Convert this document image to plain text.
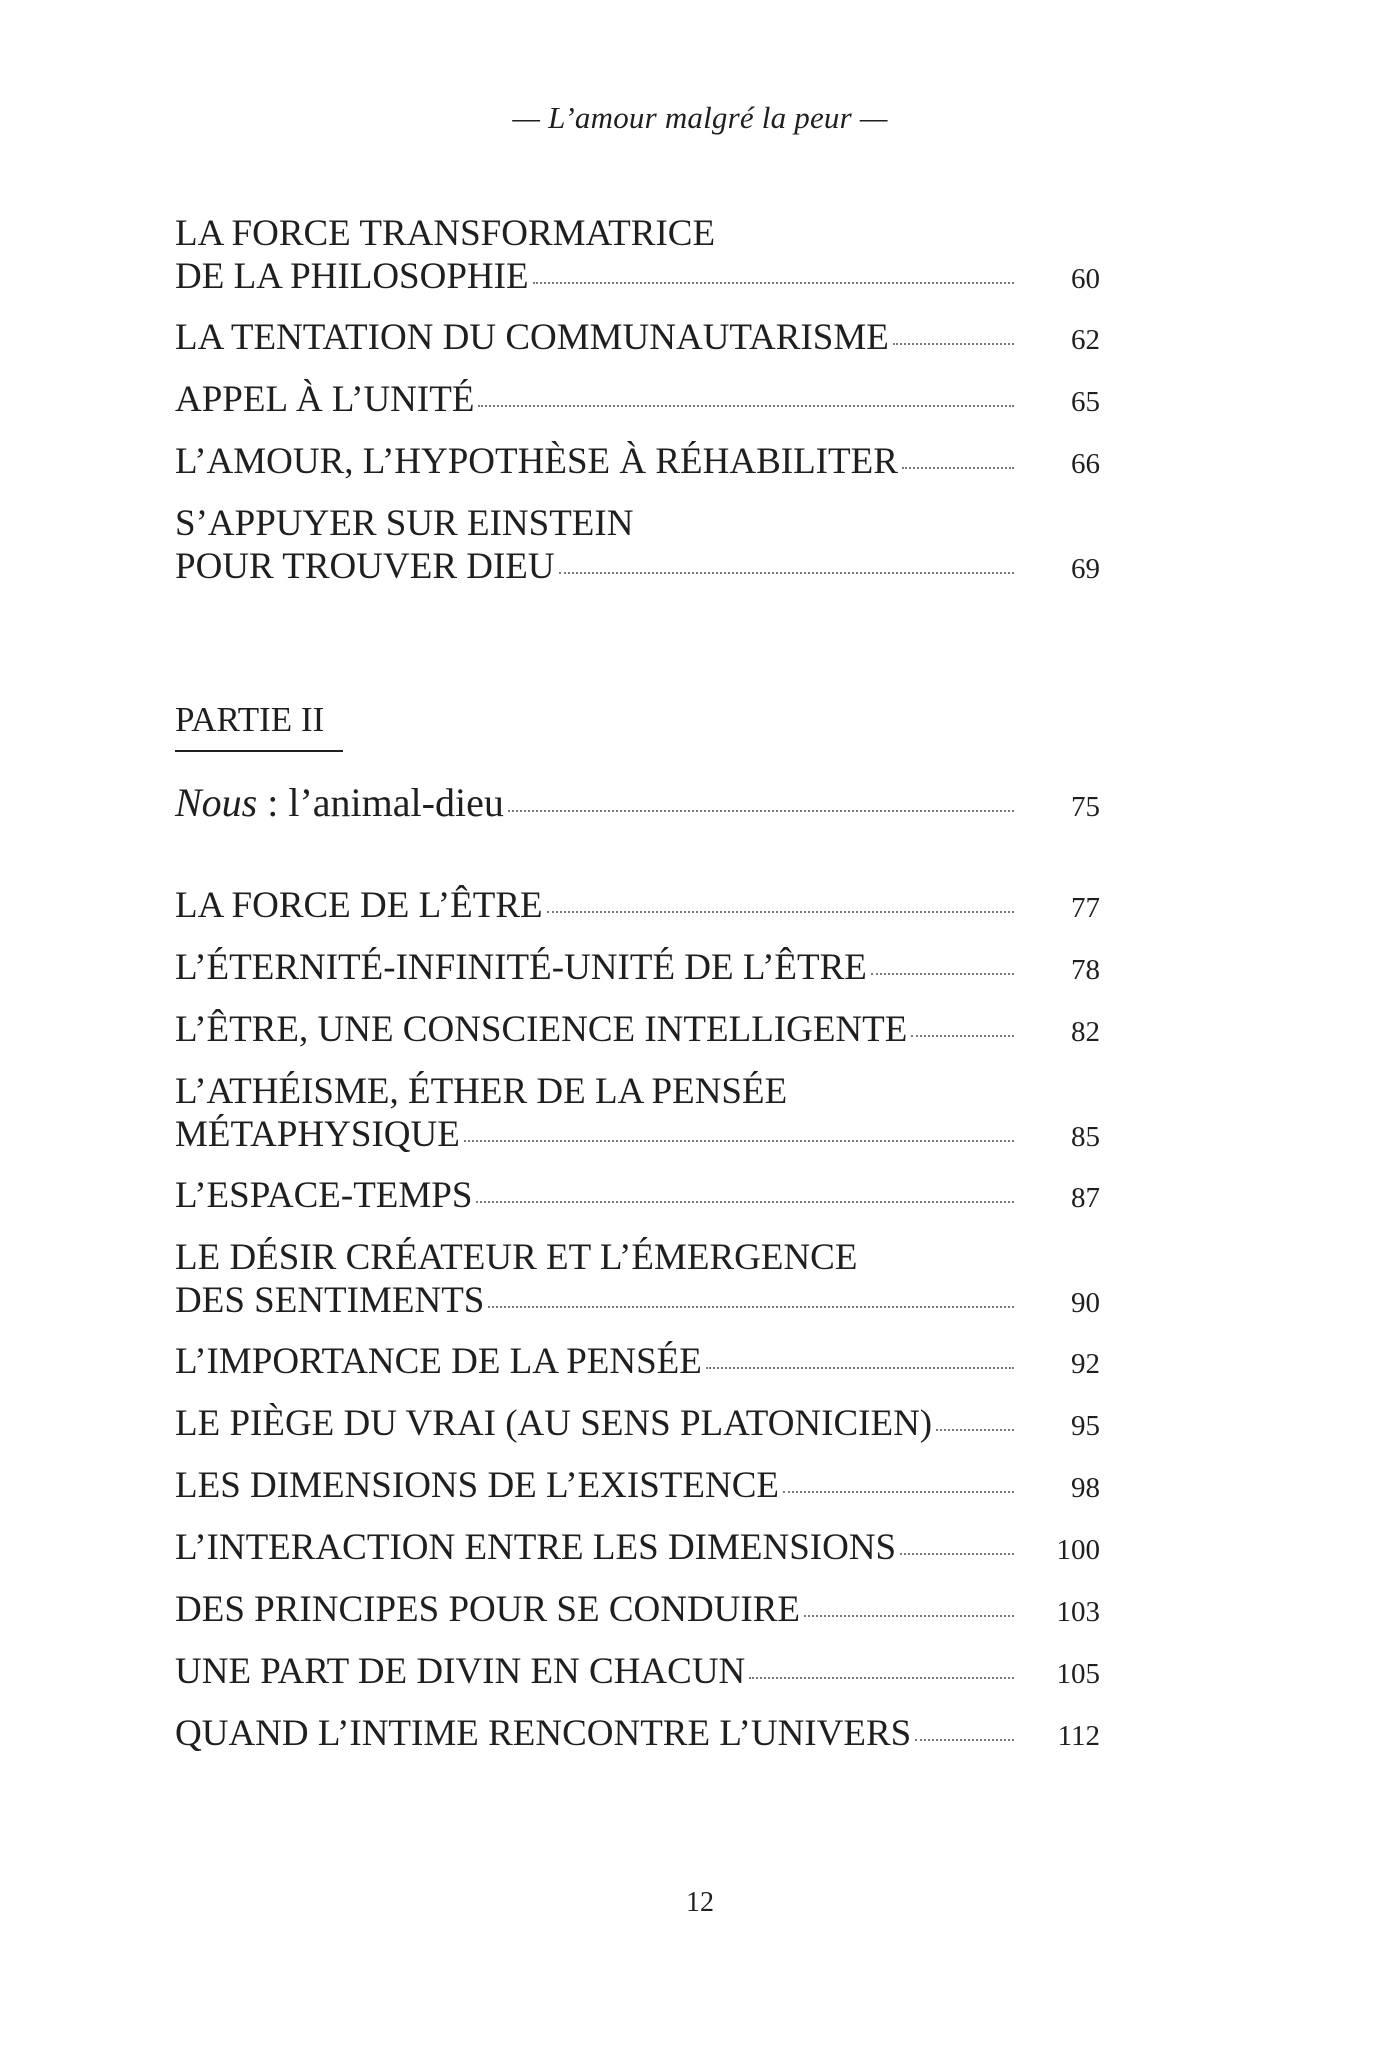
— L’amour malgré la peur —
LA FORCE TRANSFORMATRICE
DE LA PHILOSOPHIE	60
LA TENTATION DU COMMUNAUTARISME	62
APPEL À L’UNITÉ	65
L’AMOUR, L’HYPOTHÈSE À RÉHABILITER	66
S’APPUYER SUR EINSTEIN
POUR TROUVER DIEU	69
PARTIE II
Nous : l’animal-dieu	75
LA FORCE DE L’ÊTRE	77
L’ÉTERNITÉ-INFINITÉ-UNITÉ DE L’ÊTRE	78
L’ÊTRE, UNE CONSCIENCE INTELLIGENTE	82
L’ATHÉISME, ÉTHER DE LA PENSÉE
MÉTAPHYSIQUE	85
L’ESPACE-TEMPS	87
LE DÉSIR CRÉATEUR ET L’ÉMERGENCE
DES SENTIMENTS	90
L’IMPORTANCE DE LA PENSÉE	92
LE PIÈGE DU VRAI (AU SENS PLATONICIEN)	95
LES DIMENSIONS DE L’EXISTENCE	98
L’INTERACTION ENTRE LES DIMENSIONS	100
DES PRINCIPES POUR SE CONDUIRE	103
UNE PART DE DIVIN EN CHACUN	105
QUAND L’INTIME RENCONTRE L’UNIVERS	112
12
